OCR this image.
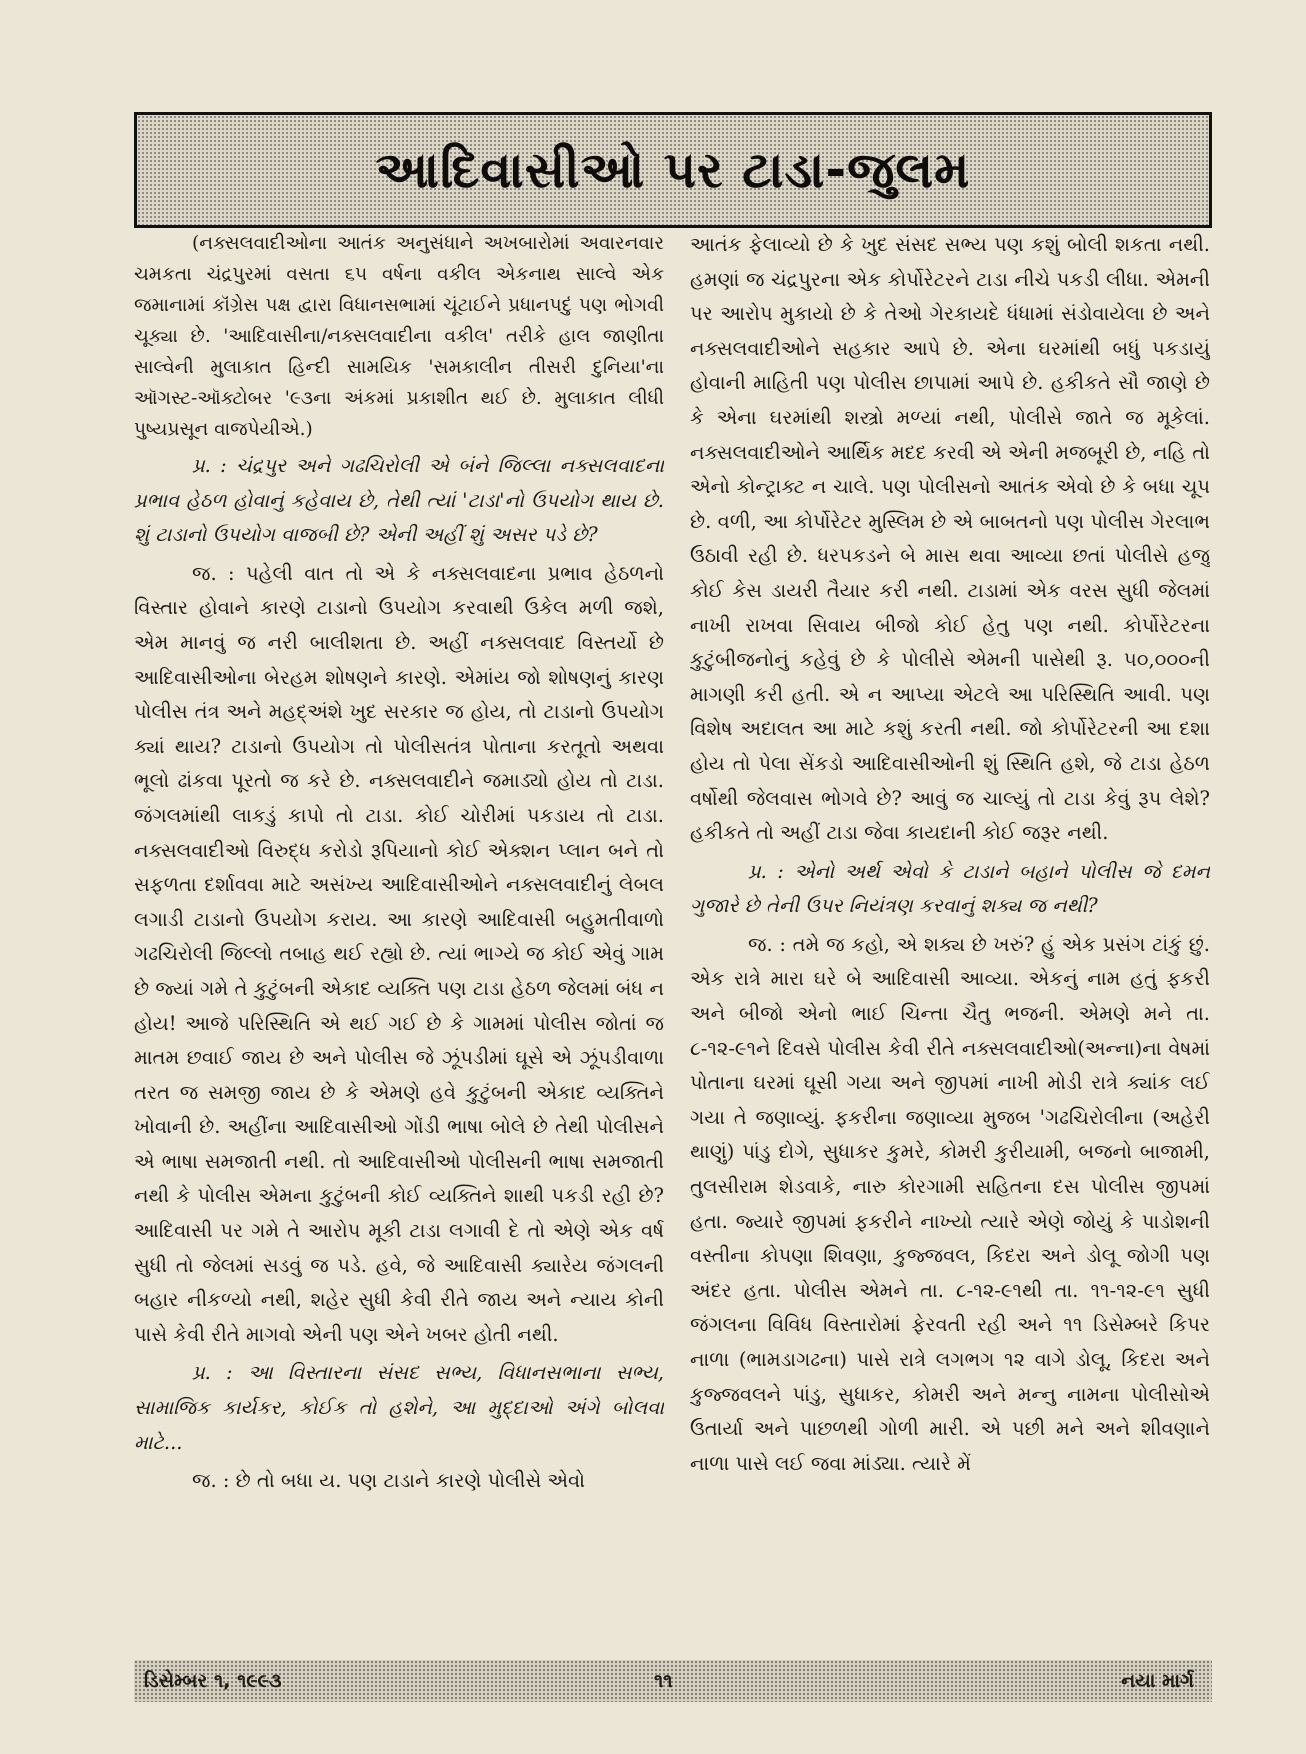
આદિવાસીઓ પર ટાડા-જુલમ

(નક્સલવાદીઓના આતંક અનુસંધાને અખબારોમાં અવારનવાર ચમકતા ચંદ્રપુરમાં વસતા ૬૫ વર્ષના વકીલ એકનાથ સાલ્વે એક જમાનામાં કૉંગ્રેસ પક્ષ દ્વારા વિધાનસભામાં ચૂંટાઈને પ્રધાનપદું પણ ભોગવી ચૂક્યા છે. 'આદિવાસીના/નક્સલવાદીના વકીલ' તરીકે હાલ જાણીતા સાલ્વેની મુલાકાત હિન્દી સામયિક 'સમકાલીન તીસરી દુનિયા'ના ઑગસ્ટ-ઑક્ટોબર '૯૩ના અંકમાં પ્રકાશીત થઈ છે. મુલાકાત લીધી પુષ્યપ્રસૂન વાજપેયીએ.)

પ્ર. : ચંદ્રપુર અને ગઢચિરોલી એ બંને જિલ્લા નક્સલવાદના પ્રભાવ હેઠળ હોવાનું કહેવાય છે, તેથી ત્યાં 'ટાડા'નો ઉપયોગ થાય છે. શું ટાડાનો ઉપયોગ વાજબી છે? એની અહીં શું અસર પડે છે?

જ. : પહેલી વાત તો એ કે નક્સલવાદના પ્રભાવ હેઠળનો વિસ્તાર હોવાને કારણે ટાડાનો ઉપયોગ કરવાથી ઉકેલ મળી જશે, એમ માનવું જ નરી બાલીશતા છે. અહીં નક્સલવાદ વિસ્તર્યો છે આદિવાસીઓના બેરહમ શોષણને કારણે. એમાંય જો શોષણનું કારણ પોલીસ તંત્ર અને મહદ્અંશે ખુદ સરકાર જ હોય, તો ટાડાનો ઉપયોગ ક્યાં થાય? ટાડાનો ઉપયોગ તો પોલીસતંત્ર પોતાના કરતૂતો અથવા ભૂલો ઢાંકવા પૂરતો જ કરે છે. નક્સલવાદીને જમાડ્યો હોય તો ટાડા. જંગલમાંથી લાકડું કાપો તો ટાડા. કોઈ ચોરીમાં પકડાય તો ટાડા. નક્સલવાદીઓ વિરુદ્ધ કરોડો રૂપિયાનો કોઈ એક્શન પ્લાન બને તો સફળતા દર્શાવવા માટે અસંખ્ય આદિવાસીઓને નક્સલવાદીનું લેબલ લગાડી ટાડાનો ઉપયોગ કરાય. આ કારણે આદિવાસી બહુમતીવાળો ગઢચિરોલી જિલ્લો તબાહ થઈ રહ્યો છે. ત્યાં ભાગ્યે જ કોઈ એવું ગામ છે જ્યાં ગમે તે કુટુંબની એકાદ વ્યક્તિ પણ ટાડા હેઠળ જેલમાં બંધ ન હોય! આજે પરિસ્થિતિ એ થઈ ગઈ છે કે ગામમાં પોલીસ જોતાં જ માતમ છવાઈ જાય છે અને પોલીસ જે ઝૂંપડીમાં ઘૂસે એ ઝૂંપડીવાળા તરત જ સમજી જાય છે કે એમણે હવે કુટુંબની એકાદ વ્યક્તિને ખોવાની છે. અહીંના આદિવાસીઓ ગોંડી ભાષા બોલે છે તેથી પોલીસને એ ભાષા સમજાતી નથી. તો આદિવાસીઓ પોલીસની ભાષા સમજાતી નથી કે પોલીસ એમના કુટુંબની કોઈ વ્યક્તિને શાથી પકડી રહી છે? આદિવાસી પર ગમે તે આરોપ મૂકી ટાડા લગાવી દે તો એણે એક વર્ષ સુધી તો જેલમાં સડવું જ પડે. હવે, જે આદિવાસી ક્યારેય જંગલની બહાર નીકળ્યો નથી, શહેર સુધી કેવી રીતે જાય અને ન્યાય કોની પાસે કેવી રીતે માગવો એની પણ એને ખબર હોતી નથી.

પ્ર. : આ વિસ્તારના સંસદ સભ્ય, વિધાનસભાના સભ્ય, સામાજિક કાર્યકર, કોઈક તો હશેને, આ મુદ્દાઓ અંગે બોલવા માટે...

જ. : છે તો બધા ય. પણ ટાડાને કારણે પોલીસે એવો

આતંક ફેલાવ્યો છે કે ખુદ સંસદ સભ્ય પણ કશું બોલી શકતા નથી. હમણાં જ ચંદ્રપુરના એક કોર્પોરેટરને ટાડા નીચે પકડી લીધા. એમની પર આરોપ મુકાયો છે કે તેઓ ગેરકાયદે ધંધામાં સંડોવાયેલા છે અને નક્સલવાદીઓને સહકાર આપે છે. એના ઘરમાંથી બધું પકડાયું હોવાની માહિતી પણ પોલીસ છાપામાં આપે છે. હકીકતે સૌ જાણે છે કે એના ઘરમાંથી શસ્ત્રો મળ્યાં નથી, પોલીસે જાતે જ મૂકેલાં. નક્સલવાદીઓને આર્થિક મદદ કરવી એ એની મજબૂરી છે, નહિ તો એનો કોન્ટ્રાક્ટ ન ચાલે. પણ પોલીસનો આતંક એવો છે કે બધા ચૂપ છે. વળી, આ કોર્પોરેટર મુસ્લિમ છે એ બાબતનો પણ પોલીસ ગેરલાભ ઉઠાવી રહી છે. ધરપકડને બે માસ થવા આવ્યા છતાં પોલીસે હજુ કોઈ કેસ ડાયરી તૈયાર કરી નથી. ટાડામાં એક વરસ સુધી જેલમાં નાખી રાખવા સિવાય બીજો કોઈ હેતુ પણ નથી. કોર્પોરેટરના કુટુંબીજનોનું કહેવું છે કે પોલીસે એમની પાસેથી રૂ. ૫૦,૦૦૦ની માગણી કરી હતી. એ ન આપ્યા એટલે આ પરિસ્થિતિ આવી. પણ વિશેષ અદાલત આ માટે કશું કરતી નથી. જો કોર્પોરેટરની આ દશા હોય તો પેલા સેંકડો આદિવાસીઓની શું સ્થિતિ હશે, જે ટાડા હેઠળ વર્ષોથી જેલવાસ ભોગવે છે? આવું જ ચાલ્યું તો ટાડા કેવું રૂપ લેશે? હકીકતે તો અહીં ટાડા જેવા કાયદાની કોઈ જરૂર નથી.

પ્ર. : એનો અર્થ એવો કે ટાડાને બહાને પોલીસ જે દમન ગુજારે છે તેની ઉપર નિયંત્રણ કરવાનું શક્ય જ નથી?

જ. : તમે જ કહો, એ શક્ય છે ખરું? હું એક પ્રસંગ ટાંકું છું. એક રાત્રે મારા ઘરે બે આદિવાસી આવ્યા. એકનું નામ હતું ફકરી અને બીજો એનો ભાઈ ચિન્તા ચૈતુ ભજની. એમણે મને તા. ૮-૧૨-૯૧ને દિવસે પોલીસ કેવી રીતે નક્સલવાદીઓ(અન્ના)ના વેષમાં પોતાના ઘરમાં ઘૂસી ગયા અને જીપમાં નાખી મોડી રાત્રે ક્યાંક લઈ ગયા તે જણાવ્યું. ફકરીના જણાવ્યા મુજબ 'ગઢચિરોલીના (અહેરી થાણું) પાંડુ દોગે, સુધાકર કુમરે, કોમરી કુરીયામી, બજનો બાજામી, તુલસીરામ શેડવાકે, નારુ કોરગામી સહિતના દસ પોલીસ જીપમાં હતા. જ્યારે જીપમાં ફકરીને નાખ્યો ત્યારે એણે જોયું કે પાડોશની વસ્તીના કોપણા શિવણા, કુજ્જવલ, કિદરા અને ડોલૂ જોગી પણ અંદર હતા. પોલીસ એમને તા. ૮-૧૨-૯૧થી તા. ૧૧-૧૨-૯૧ સુધી જંગલના વિવિધ વિસ્તારોમાં ફેરવતી રહી અને ૧૧ ડિસેમ્બરે કિપર નાળા (ભામડાગઢના) પાસે રાત્રે લગભગ ૧૨ વાગે ડોલૂ, કિદરા અને કુજ્જવલને પાંડુ, સુધાકર, કોમરી અને મન્નુ નામના પોલીસોએ ઉતાર્યા અને પાછળથી ગોળી મારી. એ પછી મને અને શીવણાને નાળા પાસે લઈ જવા માંડ્યા. ત્યારે મેં

ડિસેમ્બર ૧, ૧૯૯૩	૧૧	નયા માર્ગ
